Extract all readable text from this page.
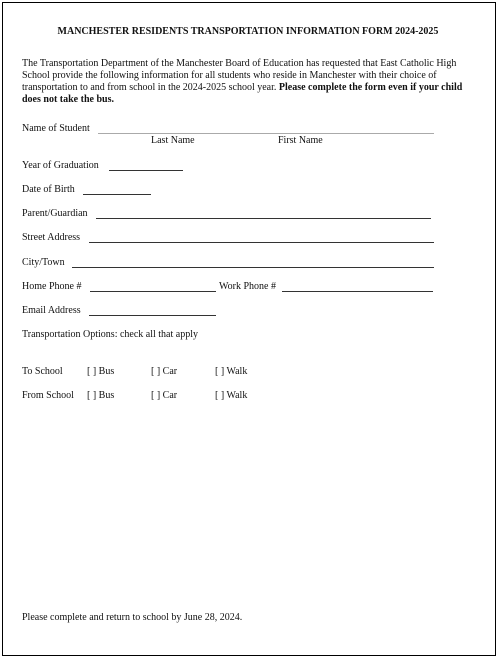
MANCHESTER RESIDENTS TRANSPORTATION INFORMATION FORM 2024-2025
The Transportation Department of the Manchester Board of Education has requested that East Catholic High School provide the following information for all students who reside in Manchester with their choice of transportation to and from school in the 2024-2025 school year. Please complete the form even if your child does not take the bus.
Name of Student
Last Name	First Name
Year of Graduation
Date of Birth
Parent/Guardian
Street Address
City/Town
Home Phone #	Work Phone #
Email Address
Transportation Options: check all that apply
To School [ ] Bus	[ ] Car	[ ] Walk
From School [ ] Bus	[ ] Car	[ ] Walk
Please complete and return to school by June 28, 2024.
